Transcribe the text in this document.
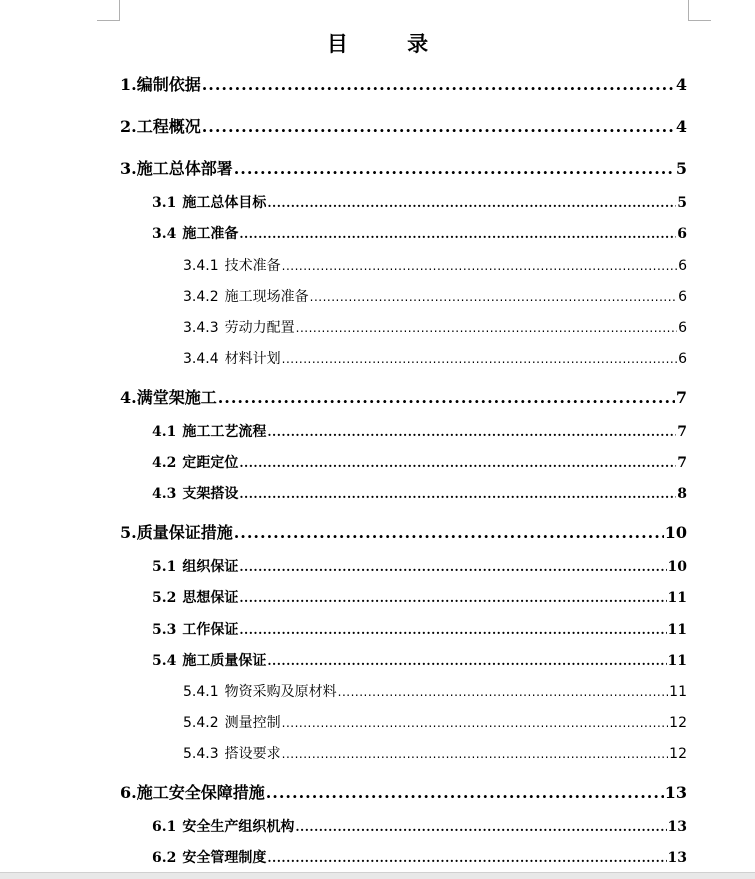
目 录
1.编制依据 .....	4
2.工程概况 .....	4
3.施工总体部署 .....	5
3.1 施工总体目标 .....	5
3.4 施工准备 .....	6
3.4.1 技术准备 .....	6
3.4.2 施工现场准备 .....	6
3.4.3 劳动力配置 .....	6
3.4.4 材料计划 .....	6
4.满堂架施工 .....	7
4.1 施工工艺流程 .....	7
4.2 定距定位 .....	7
4.3 支架搭设 .....	8
5.质量保证措施 .....	10
5.1 组织保证 .....	10
5.2 思想保证 .....	11
5.3 工作保证 .....	11
5.4 施工质量保证 .....	11
5.4.1 物资采购及原材料 .....	11
5.4.2 测量控制 .....	12
5.4.3 搭设要求 .....	12
6.施工安全保障措施 .....	13
6.1 安全生产组织机构 .....	13
6.2 安全管理制度 .....	13
